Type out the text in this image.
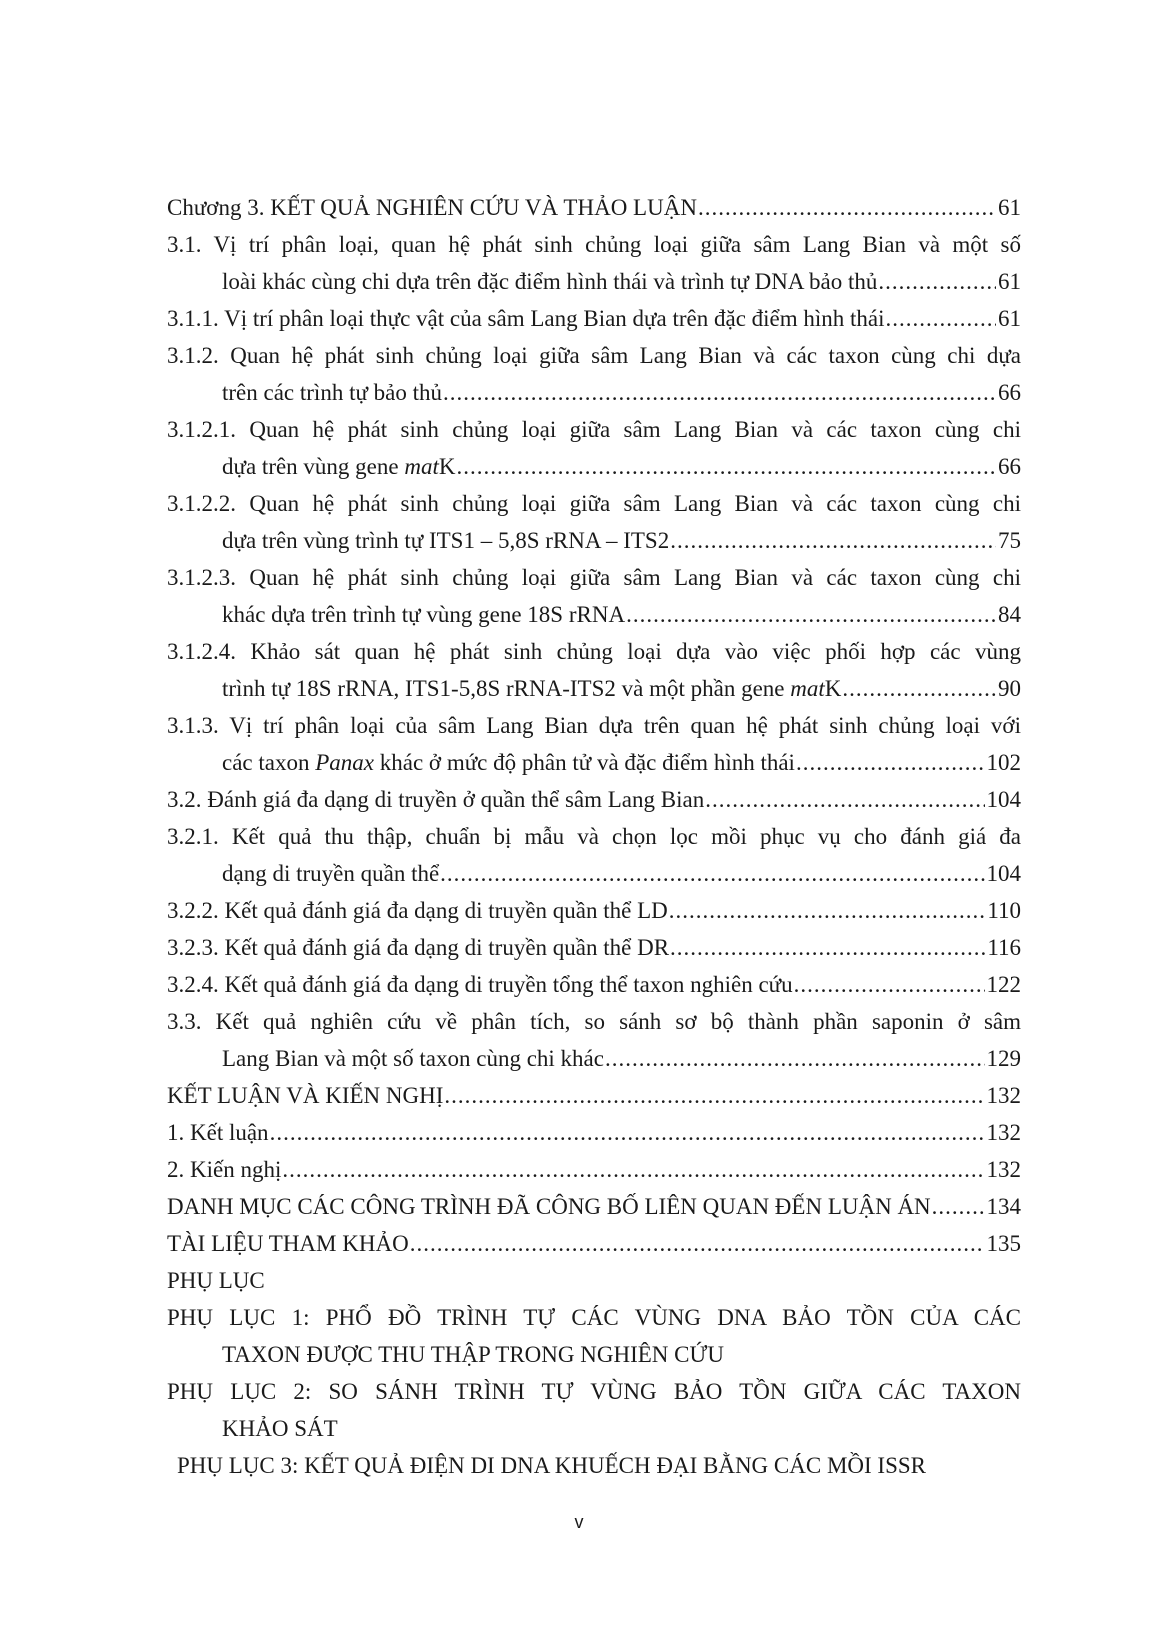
Chương 3. KẾT QUẢ NGHIÊN CỨU VÀ THẢO LUẬN .....	61
3.1. Vị trí phân loại, quan hệ phát sinh chủng loại giữa sâm Lang Bian và một số
loài khác cùng chi dựa trên đặc điểm hình thái và trình tự DNA bảo thủ .....	61
3.1.1. Vị trí phân loại thực vật của sâm Lang Bian dựa trên đặc điểm hình thái .....	61
3.1.2. Quan hệ phát sinh chủng loại giữa sâm Lang Bian và các taxon cùng chi dựa
trên các trình tự bảo thủ .....	66
3.1.2.1. Quan hệ phát sinh chủng loại giữa sâm Lang Bian và các taxon cùng chi
dựa trên vùng gene matK .....	66
3.1.2.2. Quan hệ phát sinh chủng loại giữa sâm Lang Bian và các taxon cùng chi
dựa trên vùng trình tự ITS1 – 5,8S rRNA – ITS2 .....	75
3.1.2.3. Quan hệ phát sinh chủng loại giữa sâm Lang Bian và các taxon cùng chi
khác dựa trên trình tự vùng gene 18S rRNA .....	84
3.1.2.4. Khảo sát quan hệ phát sinh chủng loại dựa vào việc phối hợp các vùng
trình tự 18S rRNA, ITS1-5,8S rRNA-ITS2 và một phần gene matK .....	90
3.1.3. Vị trí phân loại của sâm Lang Bian dựa trên quan hệ phát sinh chủng loại với
các taxon Panax khác ở mức độ phân tử và đặc điểm hình thái .....	102
3.2. Đánh giá đa dạng di truyền ở quần thể sâm Lang Bian .....	104
3.2.1. Kết quả thu thập, chuẩn bị mẫu và chọn lọc mồi phục vụ cho đánh giá đa
dạng di truyền quần thể .....	104
3.2.2. Kết quả đánh giá đa dạng di truyền quần thể LD .....	110
3.2.3. Kết quả đánh giá đa dạng di truyền quần thể DR .....	116
3.2.4. Kết quả đánh giá đa dạng di truyền tổng thể taxon nghiên cứu .....	122
3.3. Kết quả nghiên cứu về phân tích, so sánh sơ bộ thành phần saponin ở sâm
Lang Bian và một số taxon cùng chi khác .....	129
KẾT LUẬN VÀ KIẾN NGHỊ .....	132
1. Kết luận .....	132
2. Kiến nghị .....	132
DANH MỤC CÁC CÔNG TRÌNH ĐÃ CÔNG BỐ LIÊN QUAN ĐẾN LUẬN ÁN ..... 134
TÀI LIỆU THAM KHẢO .....	135
PHỤ LỤC
PHỤ LỤC 1: PHỔ ĐỒ TRÌNH TỰ CÁC VÙNG DNA BẢO TỒN CỦA CÁC
TAXON ĐƯỢC THU THẬP TRONG NGHIÊN CỨU
PHỤ LỤC 2: SO SÁNH TRÌNH TỰ VÙNG BẢO TỒN GIỮA CÁC TAXON
KHẢO SÁT
PHỤ LỤC 3: KẾT QUẢ ĐIỆN DI DNA KHUẾCH ĐẠI BẰNG CÁC MỒI ISSR
v
